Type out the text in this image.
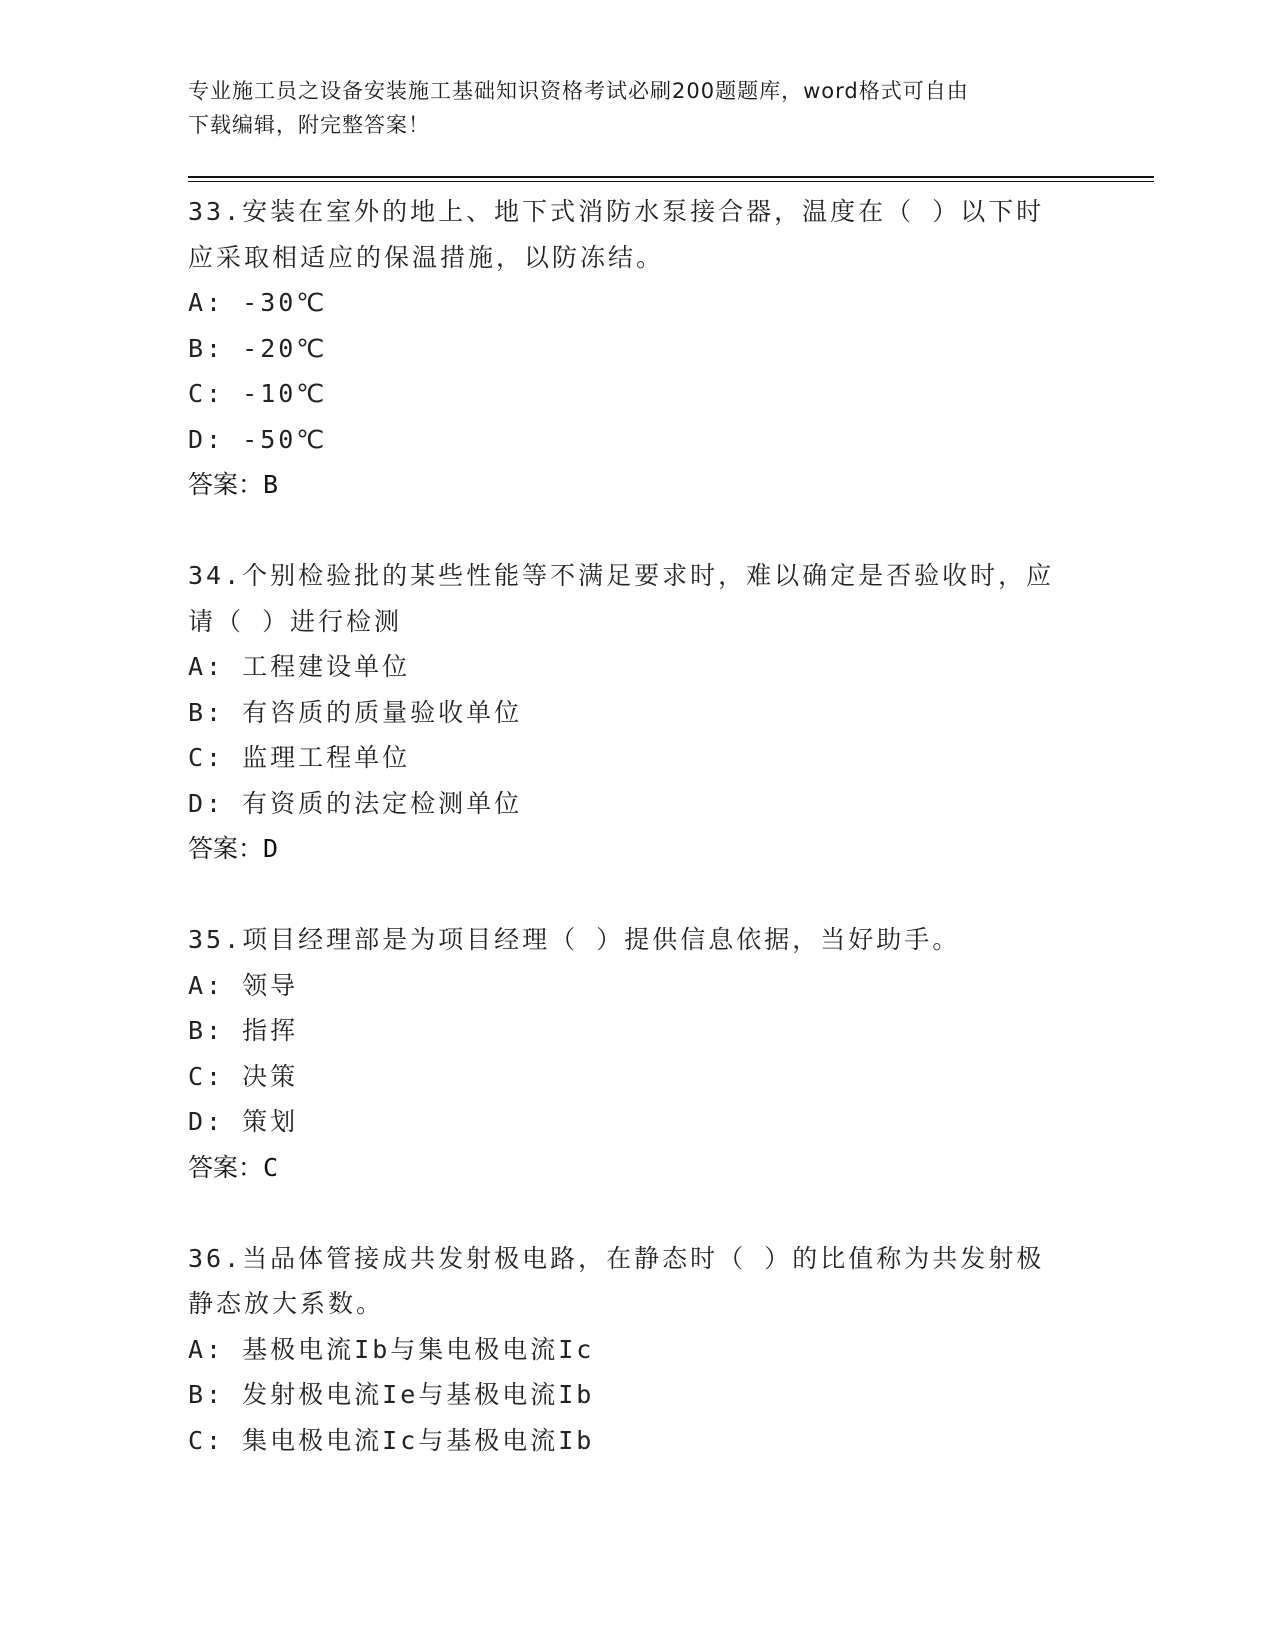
专业施工员之设备安装施工基础知识资格考试必刷200题题库，word格式可自由
下载编辑，附完整答案！
33.安装在室外的地上、地下式消防水泵接合器，温度在（ ）以下时
应采取相适应的保温措施，以防冻结。
A: -30℃
B: -20℃
C: -10℃
D: -50℃
答案：B
34.个别检验批的某些性能等不满足要求时，难以确定是否验收时，应
请（ ）进行检测
A: 工程建设单位
B: 有咨质的质量验收单位
C: 监理工程单位
D: 有资质的法定检测单位
答案：D
35.项目经理部是为项目经理（ ）提供信息依据，当好助手。
A: 领导
B: 指挥
C: 决策
D: 策划
答案：C
36.当品体管接成共发射极电路，在静态时（ ）的比值称为共发射极
静态放大系数。
A: 基极电流Ib与集电极电流Ic
B: 发射极电流Ie与基极电流Ib
C: 集电极电流Ic与基极电流Ib
